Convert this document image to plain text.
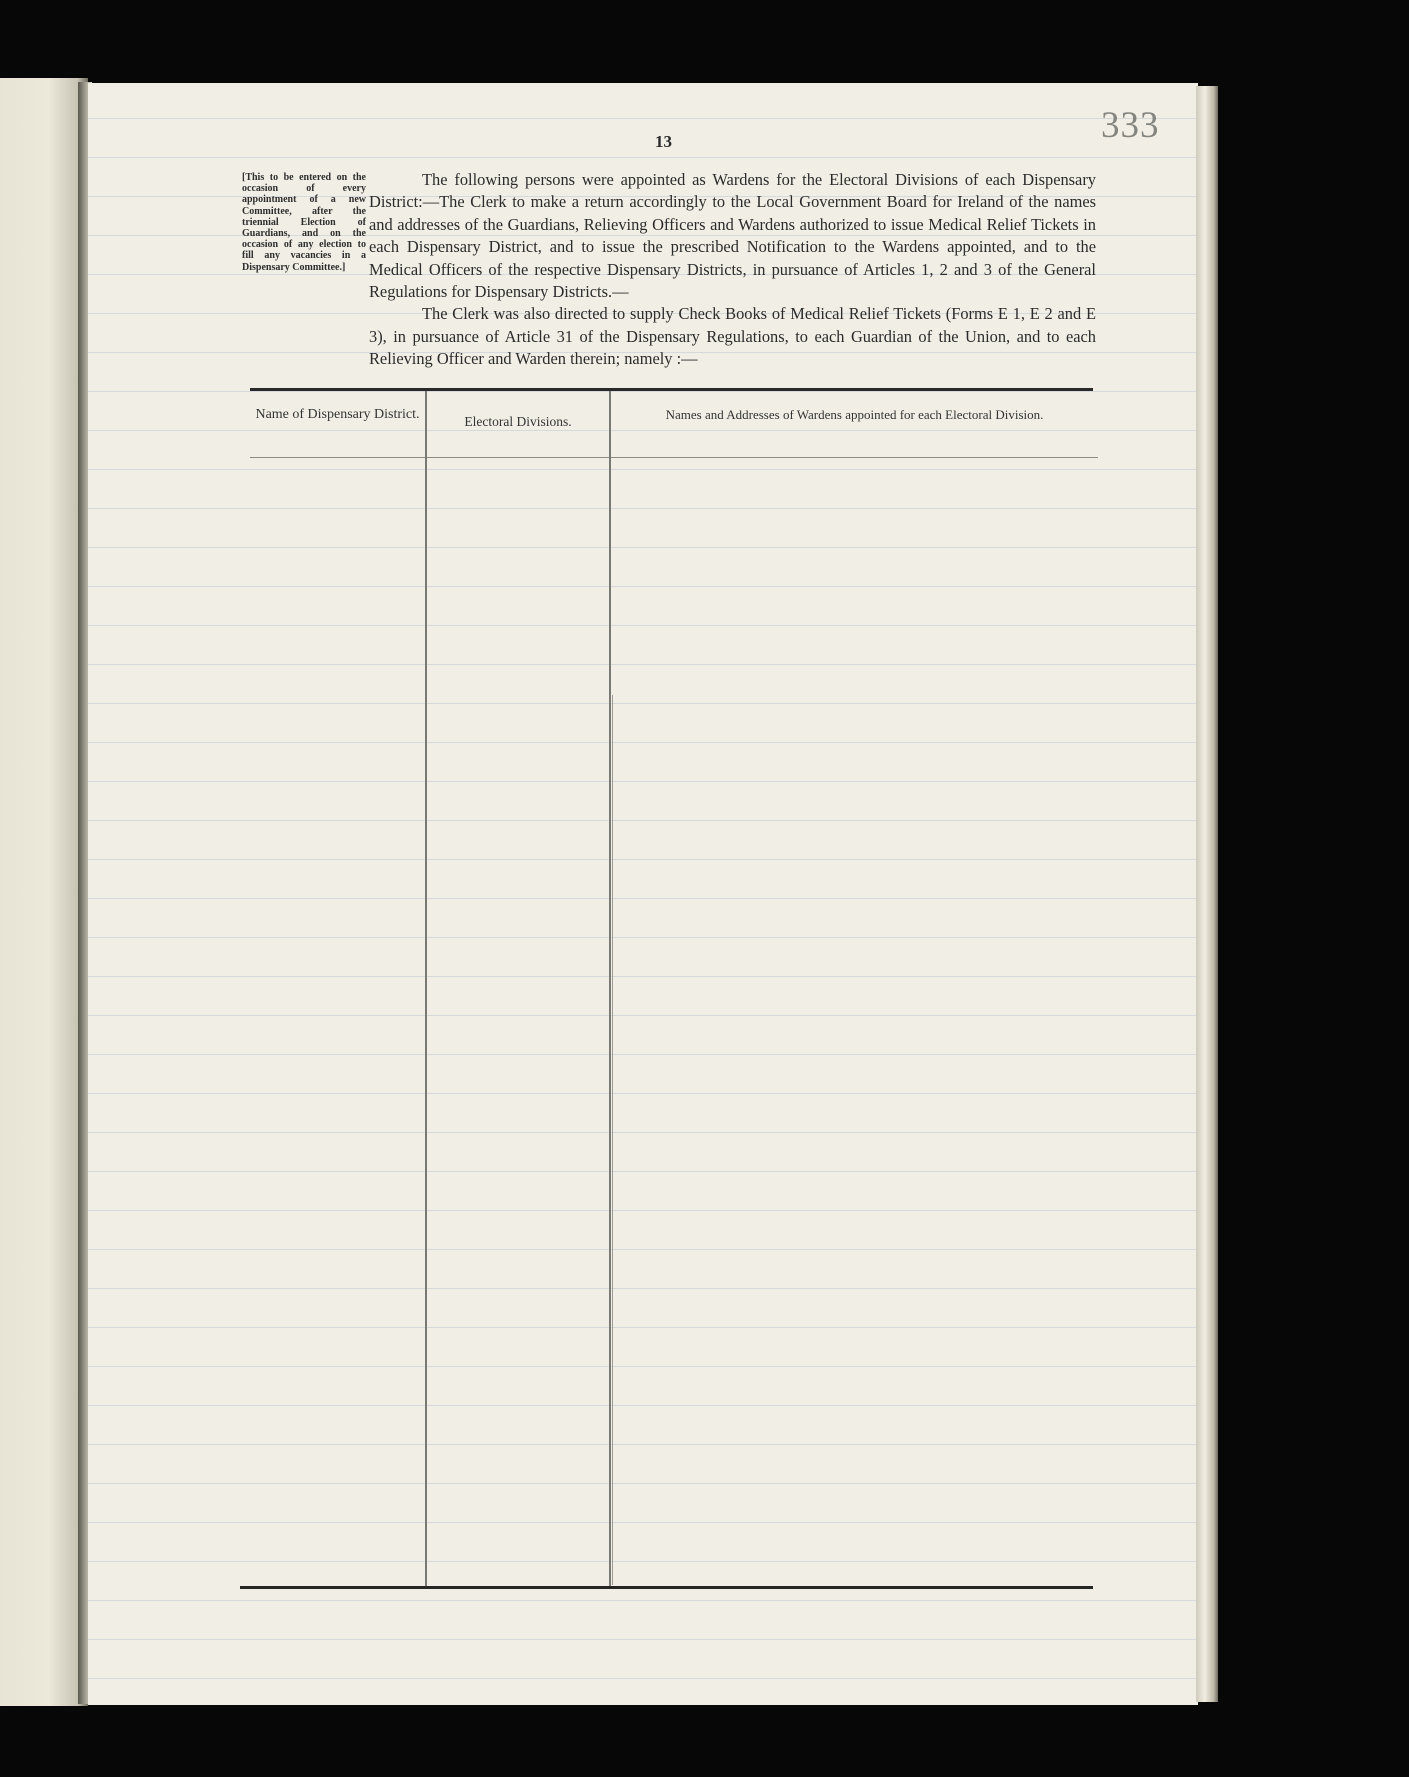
333
13
[This to be entered on the occasion of every appointment of a new Committee, after the triennial Election of Guardians, and on the occasion of any election to fill any vacancies in a Dispensary Committee.]

The following persons were appointed as Wardens for the Electoral Divisions of each Dispensary District:—The Clerk to make a return accordingly to the Local Government Board for Ireland of the names and addresses of the Guardians, Relieving Officers and Wardens authorized to issue Medical Relief Tickets in each Dispensary District, and to issue the prescribed Notification to the Wardens appointed, and to the Medical Officers of the respective Dispensary Districts, in pursuance of Articles 1, 2 and 3 of the General Regulations for Dispensary Districts.—

The Clerk was also directed to supply Check Books of Medical Relief Tickets (Forms E 1, E 2 and E 3), in pursuance of Article 31 of the Dispensary Regulations, to each Guardian of the Union, and to each Relieving Officer and Warden therein; namely :—

Name of Dispensary District.	Electoral Divisions.	Names and Addresses of Wardens appointed for each Electoral Division.
